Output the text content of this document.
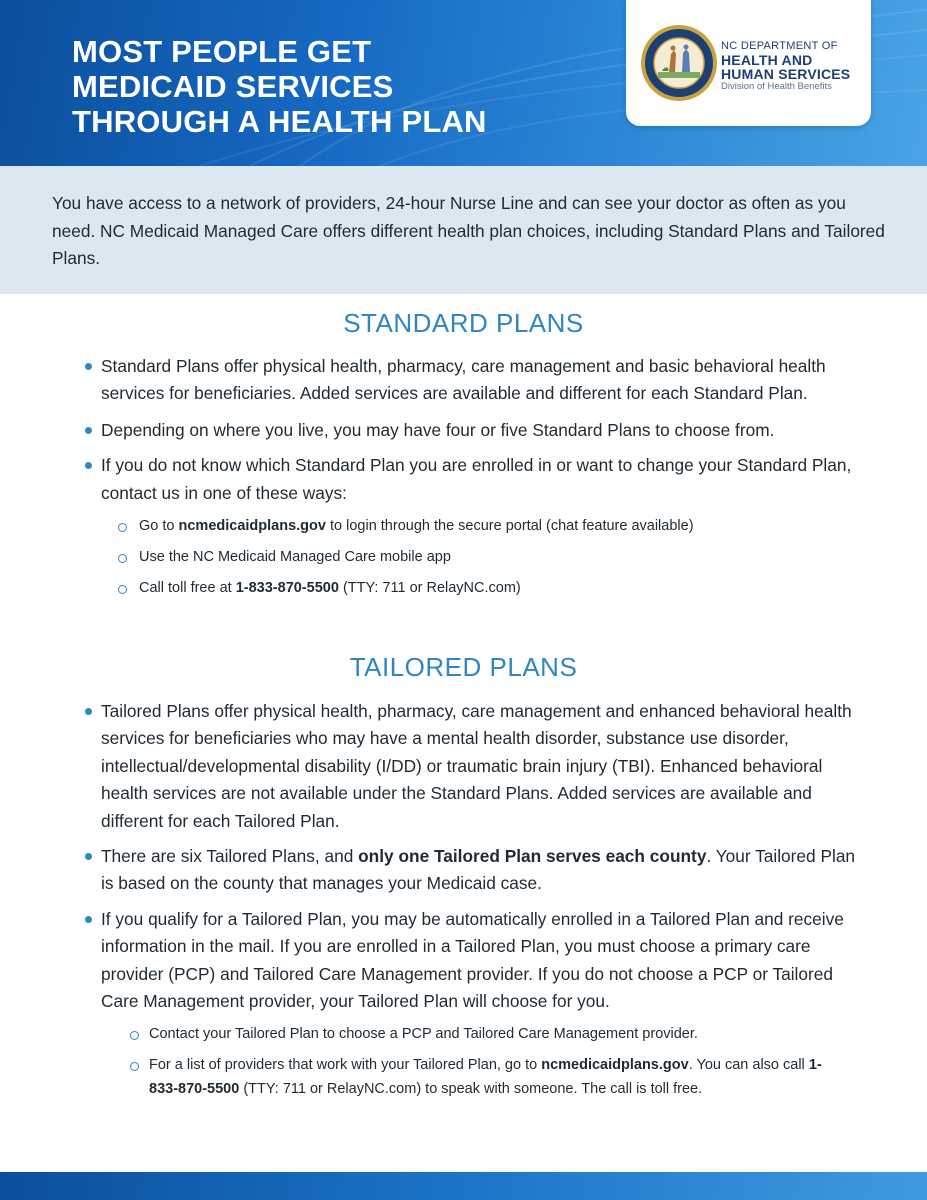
MOST PEOPLE GET
MEDICAID SERVICES
THROUGH A HEALTH PLAN
NC DEPARTMENT OF
HEALTH AND
HUMAN SERVICES
Division of Health Benefits

You have access to a network of providers, 24-hour Nurse Line and can see your doctor as often as you need. NC Medicaid Managed Care offers different health plan choices, including Standard Plans and Tailored Plans.

STANDARD PLANS
Standard Plans offer physical health, pharmacy, care management and basic behavioral health services for beneficiaries. Added services are available and different for each Standard Plan.
Depending on where you live, you may have four or five Standard Plans to choose from.
If you do not know which Standard Plan you are enrolled in or want to change your Standard Plan, contact us in one of these ways:
Go to ncmedicaidplans.gov to login through the secure portal (chat feature available)
Use the NC Medicaid Managed Care mobile app
Call toll free at 1-833-870-5500 (TTY: 711 or RelayNC.com)
TAILORED PLANS
Tailored Plans offer physical health, pharmacy, care management and enhanced behavioral health services for beneficiaries who may have a mental health disorder, substance use disorder, intellectual/developmental disability (I/DD) or traumatic brain injury (TBI). Enhanced behavioral health services are not available under the Standard Plans. Added services are available and different for each Tailored Plan.
There are six Tailored Plans, and only one Tailored Plan serves each county. Your Tailored Plan is based on the county that manages your Medicaid case.
If you qualify for a Tailored Plan, you may be automatically enrolled in a Tailored Plan and receive information in the mail. If you are enrolled in a Tailored Plan, you must choose a primary care provider (PCP) and Tailored Care Management provider. If you do not choose a PCP or Tailored Care Management provider, your Tailored Plan will choose for you.
Contact your Tailored Plan to choose a PCP and Tailored Care Management provider.
For a list of providers that work with your Tailored Plan, go to ncmedicaidplans.gov. You can also call 1-833-870-5500 (TTY: 711 or RelayNC.com) to speak with someone. The call is toll free.
